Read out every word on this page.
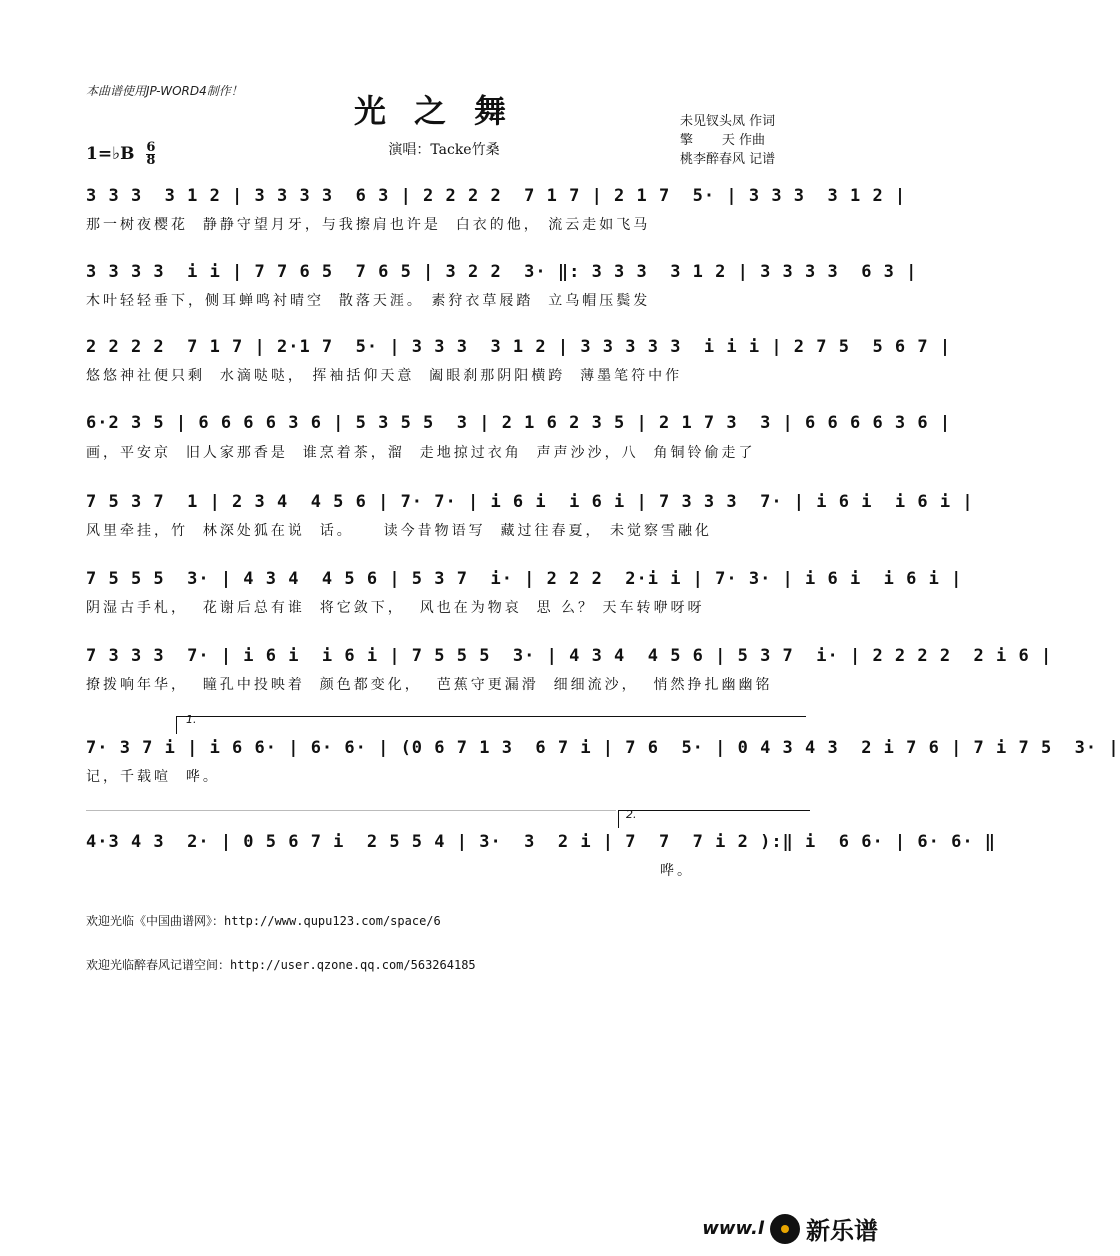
本曲谱使用JP-WORD4制作！
光之舞	未见钗头凤 作词
擎       天 作曲
桃李醉春风 记谱
1=♭B $\frac{6}{8}$	演唱：Tacke竹桑
3 3 3  3 1 2 | 3 3 3 3  6 3 | 2 2 2 2  7 1 7 | 2 1 7  5· | 3 3 3  3 1 2 |
那一树夜樱花  静静守望月牙，与我擦肩也许是  白衣的他， 流云走如飞马
3 3 3 3  i i | 7 7 6 5  7 6 5 | 3 2 2  3· ‖: 3 3 3  3 1 2 | 3 3 3 3  6 3 |
木叶轻轻垂下，侧耳蝉鸣衬晴空  散落天涯。 素狩衣草屐踏  立乌帽压鬓发
2 2 2 2  7 1 7 | 2·1 7  5· | 3 3 3  3 1 2 | 3 3 3 3 3  i i i | 2 7 5  5 6 7 |
悠悠神社便只剩  水滴哒哒， 挥袖括仰天意  阖眼刹那阴阳横跨  薄墨笔符中作
6·2 3 5 | 6 6 6 6 3 6 | 5 3 5 5  3 | 2 1 6 2 3 5 | 2 1 7 3  3 | 6 6 6 6 3 6 |
画，平安京  旧人家那香是  谁烹着茶，溜  走地掠过衣角  声声沙沙，八  角铜铃偷走了
7 5 3 7  1 | 2 3 4  4 5 6 | 7· 7· | i 6 i  i 6 i | 7 3 3 3  7· | i 6 i  i 6 i |
风里牵挂，竹  林深处狐在说  话。    读今昔物语写  藏过往春夏， 未觉察雪融化
7 5 5 5  3· | 4 3 4  4 5 6 | 5 3 7  i· | 2 2 2  2·i i | 7· 3· | i 6 i  i 6 i |
阴湿古手札，  花谢后总有谁  将它敛下，  风也在为物哀  思 么？ 天车转咿呀呀
7 3 3 3  7· | i 6 i  i 6 i | 7 5 5 5  3· | 4 3 4  4 5 6 | 5 3 7  i· | 2 2 2 2  2 i 6 |
撩拨响年华，  瞳孔中投映着  颜色都变化，  芭蕉守更漏滑  细细流沙，  悄然挣扎幽幽铭
1.
7· 3 7 i | i 6 6· | 6· 6· | (0 6 7 1 3  6 7 i | 7 6  5· | 0 4 3 4 3  2 i 7 6 | 7 i 7 5  3· |
记，千载喧  哗。
2.
4·3 4 3  2· | 0 5 6 7 i  2 5 5 4 | 3·  3  2 i | 7  7  7 i 2 ):‖ i  6 6· | 6· 6· ‖
哗。
欢迎光临《中国曲谱网》：http://www.qupu123.com/space/6
欢迎光临醉春风记谱空间：http://user.qzone.qq.com/563264185
www.l 新乐谱
